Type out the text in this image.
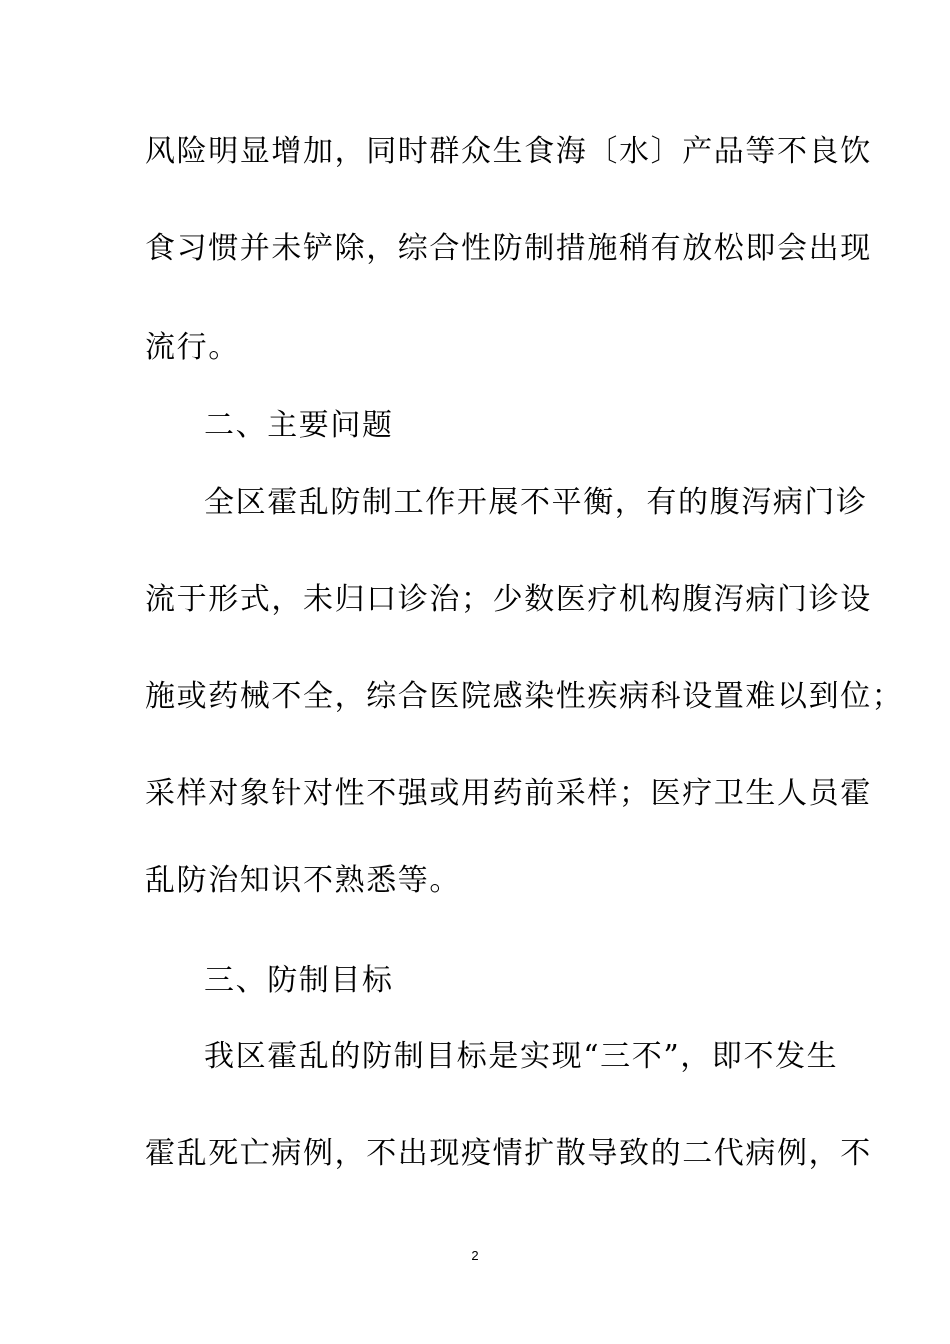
风险明显增加，同时群众生食海〔水〕产品等不良饮
食习惯并未铲除，综合性防制措施稍有放松即会出现
流行。
二、主要问题
全区霍乱防制工作开展不平衡，有的腹泻病门诊
流于形式，未归口诊治；少数医疗机构腹泻病门诊设
施或药械不全，综合医院感染性疾病科设置难以到位；
采样对象针对性不强或用药前采样；医疗卫生人员霍
乱防治知识不熟悉等。
三、防制目标
我区霍乱的防制目标是实现“三不”，即不发生
霍乱死亡病例，不出现疫情扩散导致的二代病例，不
2
